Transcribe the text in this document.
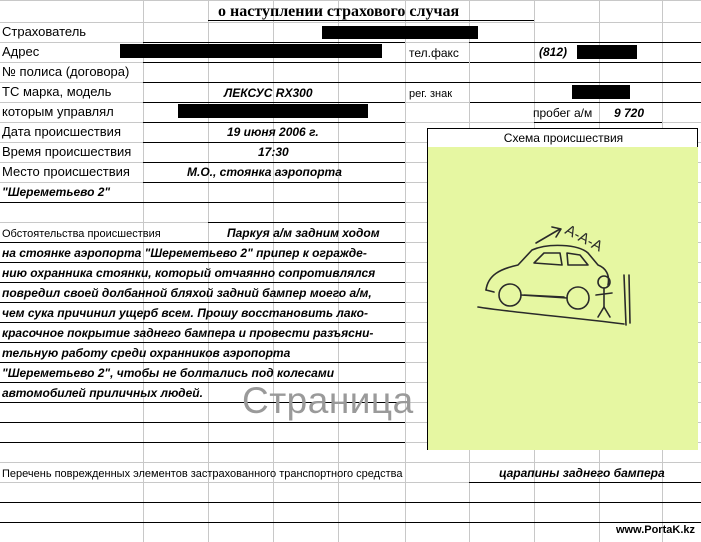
о наступлении страхового случая
Страхователь
Адрес	тел.факс	(812)
№ полиса (договора)
ТС марка, модель	ЛЕКСУС RX300	рег. знак
которым управлял	пробег а/м 9 720
Дата происшествия	19 июня 2006 г.
Время происшествия	17:30
Место происшествия	М.О., стоянка аэропорта
"Шереметьево 2"
Обстоятельства происшествия	Паркуя а/м задним ходом
на стоянке аэропорта "Шереметьево 2" припер к огражде-
нию охранника стоянки, который отчаянно сопротивлялся
повредил своей долбанной бляхой задний бампер моего а/м,
чем сука причинил ущерб всем. Прошу восстановить лако-
красочное покрытие заднего бампера и провести разъясни-
тельную работу среди охранников аэропорта
"Шереметьево 2", чтобы не болтались под колесами
автомобилей приличных людей. Страница
Схема происшествия
А-А-А
Перечень поврежденных элементов застрахованного транспортного средства	царапины заднего бампера
www.PortaK.kz
